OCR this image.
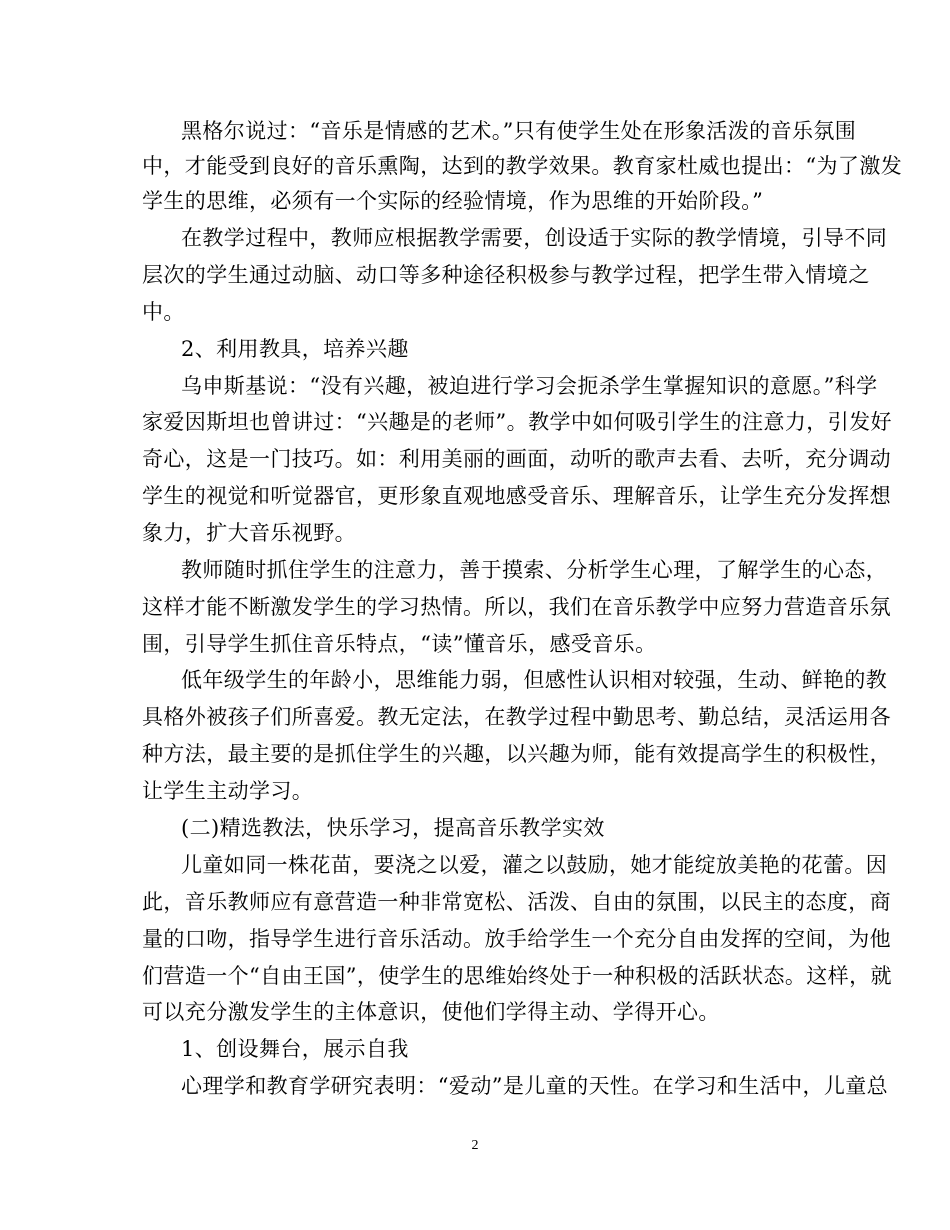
黑格尔说过：“音乐是情感的艺术。”只有使学生处在形象活泼的音乐氛围
中，才能受到良好的音乐熏陶，达到的教学效果。教育家杜威也提出：“为了激发
学生的思维，必须有一个实际的经验情境，作为思维的开始阶段。”
在教学过程中，教师应根据教学需要，创设适于实际的教学情境，引导不同
层次的学生通过动脑、动口等多种途径积极参与教学过程，把学生带入情境之
中。
2、利用教具，培养兴趣
乌申斯基说：“没有兴趣，被迫进行学习会扼杀学生掌握知识的意愿。”科学
家爱因斯坦也曾讲过：“兴趣是的老师”。教学中如何吸引学生的注意力，引发好
奇心，这是一门技巧。如：利用美丽的画面，动听的歌声去看、去听，充分调动
学生的视觉和听觉器官，更形象直观地感受音乐、理解音乐，让学生充分发挥想
象力，扩大音乐视野。
教师随时抓住学生的注意力，善于摸索、分析学生心理，了解学生的心态，
这样才能不断激发学生的学习热情。所以，我们在音乐教学中应努力营造音乐氛
围，引导学生抓住音乐特点，“读”懂音乐，感受音乐。
低年级学生的年龄小，思维能力弱，但感性认识相对较强，生动、鲜艳的教
具格外被孩子们所喜爱。教无定法，在教学过程中勤思考、勤总结，灵活运用各
种方法，最主要的是抓住学生的兴趣，以兴趣为师，能有效提高学生的积极性，
让学生主动学习。
(二)精选教法，快乐学习，提高音乐教学实效
儿童如同一株花苗，要浇之以爱，灌之以鼓励，她才能绽放美艳的花蕾。因
此，音乐教师应有意营造一种非常宽松、活泼、自由的氛围，以民主的态度，商
量的口吻，指导学生进行音乐活动。放手给学生一个充分自由发挥的空间，为他
们营造一个“自由王国”，使学生的思维始终处于一种积极的活跃状态。这样，就
可以充分激发学生的主体意识，使他们学得主动、学得开心。
1、创设舞台，展示自我
心理学和教育学研究表明：“爱动”是儿童的天性。在学习和生活中，儿童总
2
